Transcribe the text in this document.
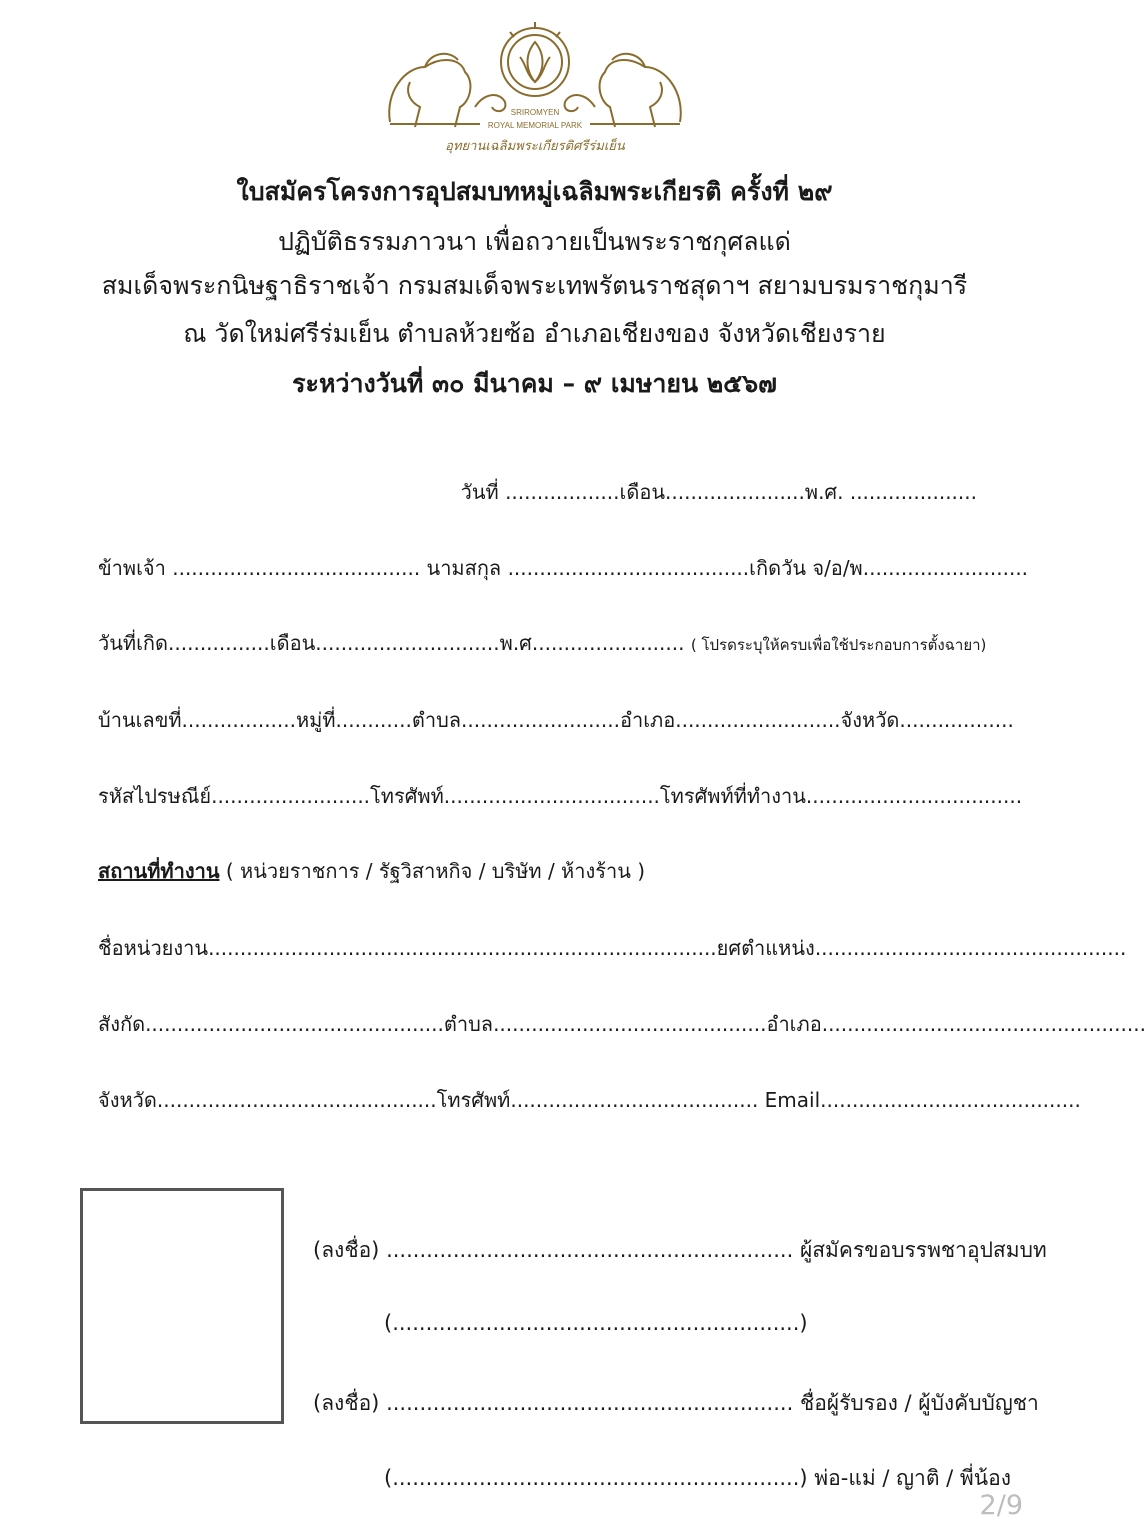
SRIROMYEN
ROYAL MEMORIAL PARK
อุทยานเฉลิมพระเกียรติศรีร่มเย็น
ใบสมัครโครงการอุปสมบทหมู่เฉลิมพระเกียรติ ครั้งที่ ๒๙
ปฏิบัติธรรมภาวนา เพื่อถวายเป็นพระราชกุศลแด่
สมเด็จพระกนิษฐาธิราชเจ้า กรมสมเด็จพระเทพรัตนราชสุดาฯ สยามบรมราชกุมารี
ณ วัดใหม่ศรีร่มเย็น ตำบลห้วยซ้อ อำเภอเชียงของ จังหวัดเชียงราย
ระหว่างวันที่ ๓๐ มีนาคม – ๙ เมษายน ๒๕๖๗
วันที่ ..................เดือน......................พ.ศ. ....................
ข้าพเจ้า ....................................... นามสกุล ......................................เกิดวัน จ/อ/พ..........................
วันที่เกิด................เดือน.............................พ.ศ........................ ( โปรดระบุให้ครบเพื่อใช้ประกอบการตั้งฉายา)
บ้านเลขที่..................หมู่ที่............ตำบล.........................อำเภอ..........................จังหวัด..................
รหัสไปรษณีย์.........................โทรศัพท์..................................โทรศัพท์ที่ทำงาน..................................
สถานที่ทำงาน ( หน่วยราชการ / รัฐวิสาหกิจ / บริษัท / ห้างร้าน )
ชื่อหน่วยงาน................................................................................ยศตำแหน่ง.................................................
สังกัด...............................................ตำบล...........................................อำเภอ...................................................
จังหวัด............................................โทรศัพท์....................................... Email.........................................
(ลงชื่อ) ............................................................. ผู้สมัครขอบรรพชาอุปสมบท
(.............................................................)
(ลงชื่อ) ............................................................. ชื่อผู้รับรอง / ผู้บังคับบัญชา
(.............................................................) พ่อ-แม่ / ญาติ / พี่น้อง
2/9
